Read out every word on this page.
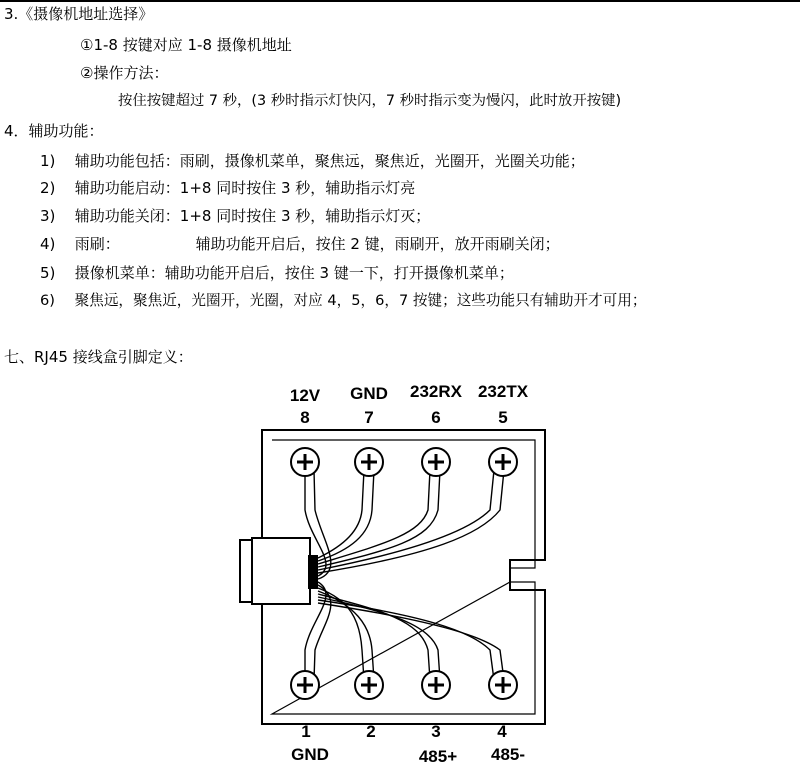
3.《摄像机地址选择》
①1-8 按键对应 1-8 摄像机地址
②操作方法：
按住按键超过 7 秒，(3 秒时指示灯快闪，7 秒时指示变为慢闪，此时放开按键)
4．辅助功能：
1) 辅助功能包括：雨刷，摄像机菜单，聚焦远，聚焦近，光圈开，光圈关功能；
2) 辅助功能启动：1+8 同时按住 3 秒，辅助指示灯亮
3) 辅助功能关闭：1+8 同时按住 3 秒，辅助指示灯灭；
4) 雨刷：	辅助功能开启后，按住 2 键，雨刷开，放开雨刷关闭；
5) 摄像机菜单：辅助功能开启后，按住 3 键一下，打开摄像机菜单；
6) 聚焦远，聚焦近，光圈开，光圈，对应 4，5，6，7 按键；这些功能只有辅助开才可用；
七、RJ45 接线盒引脚定义：
12V
8
GND
7
232RX
6
232TX
5
1
GND
2	3
485+
4
485-
